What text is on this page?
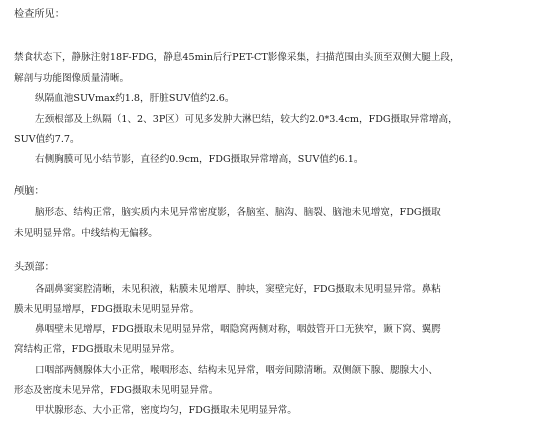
检查所见：
禁食状态下，静脉注射18F-FDG，静息45min后行PET-CT影像采集，扫描范围由头顶至双侧大腿上段，
解剖与功能图像质量清晰。
纵隔血池SUVmax约1.8，肝脏SUV值约2.6。
左颈根部及上纵隔（1、2、3P区）可见多发肿大淋巴结，较大约2.0*3.4cm，FDG摄取异常增高，
SUV值约7.7。
右侧胸膜可见小结节影，直径约0.9cm，FDG摄取异常增高，SUV值约6.1。
颅脑：
脑形态、结构正常，脑实质内未见异常密度影，各脑室、脑沟、脑裂、脑池未见增宽，FDG摄取
未见明显异常。中线结构无偏移。
头颈部：
各副鼻窦窦腔清晰，未见积液，粘膜未见增厚、肿块，窦壁完好，FDG摄取未见明显异常。鼻粘
膜未见明显增厚，FDG摄取未见明显异常。
鼻咽壁未见增厚，FDG摄取未见明显异常，咽隐窝两侧对称，咽鼓管开口无狭窄，颞下窝、翼腭
窝结构正常，FDG摄取未见明显异常。
口咽部两侧腺体大小正常，喉咽形态、结构未见异常，咽旁间隙清晰。双侧颌下腺、腮腺大小、
形态及密度未见异常，FDG摄取未见明显异常。
甲状腺形态、大小正常，密度均匀，FDG摄取未见明显异常。
